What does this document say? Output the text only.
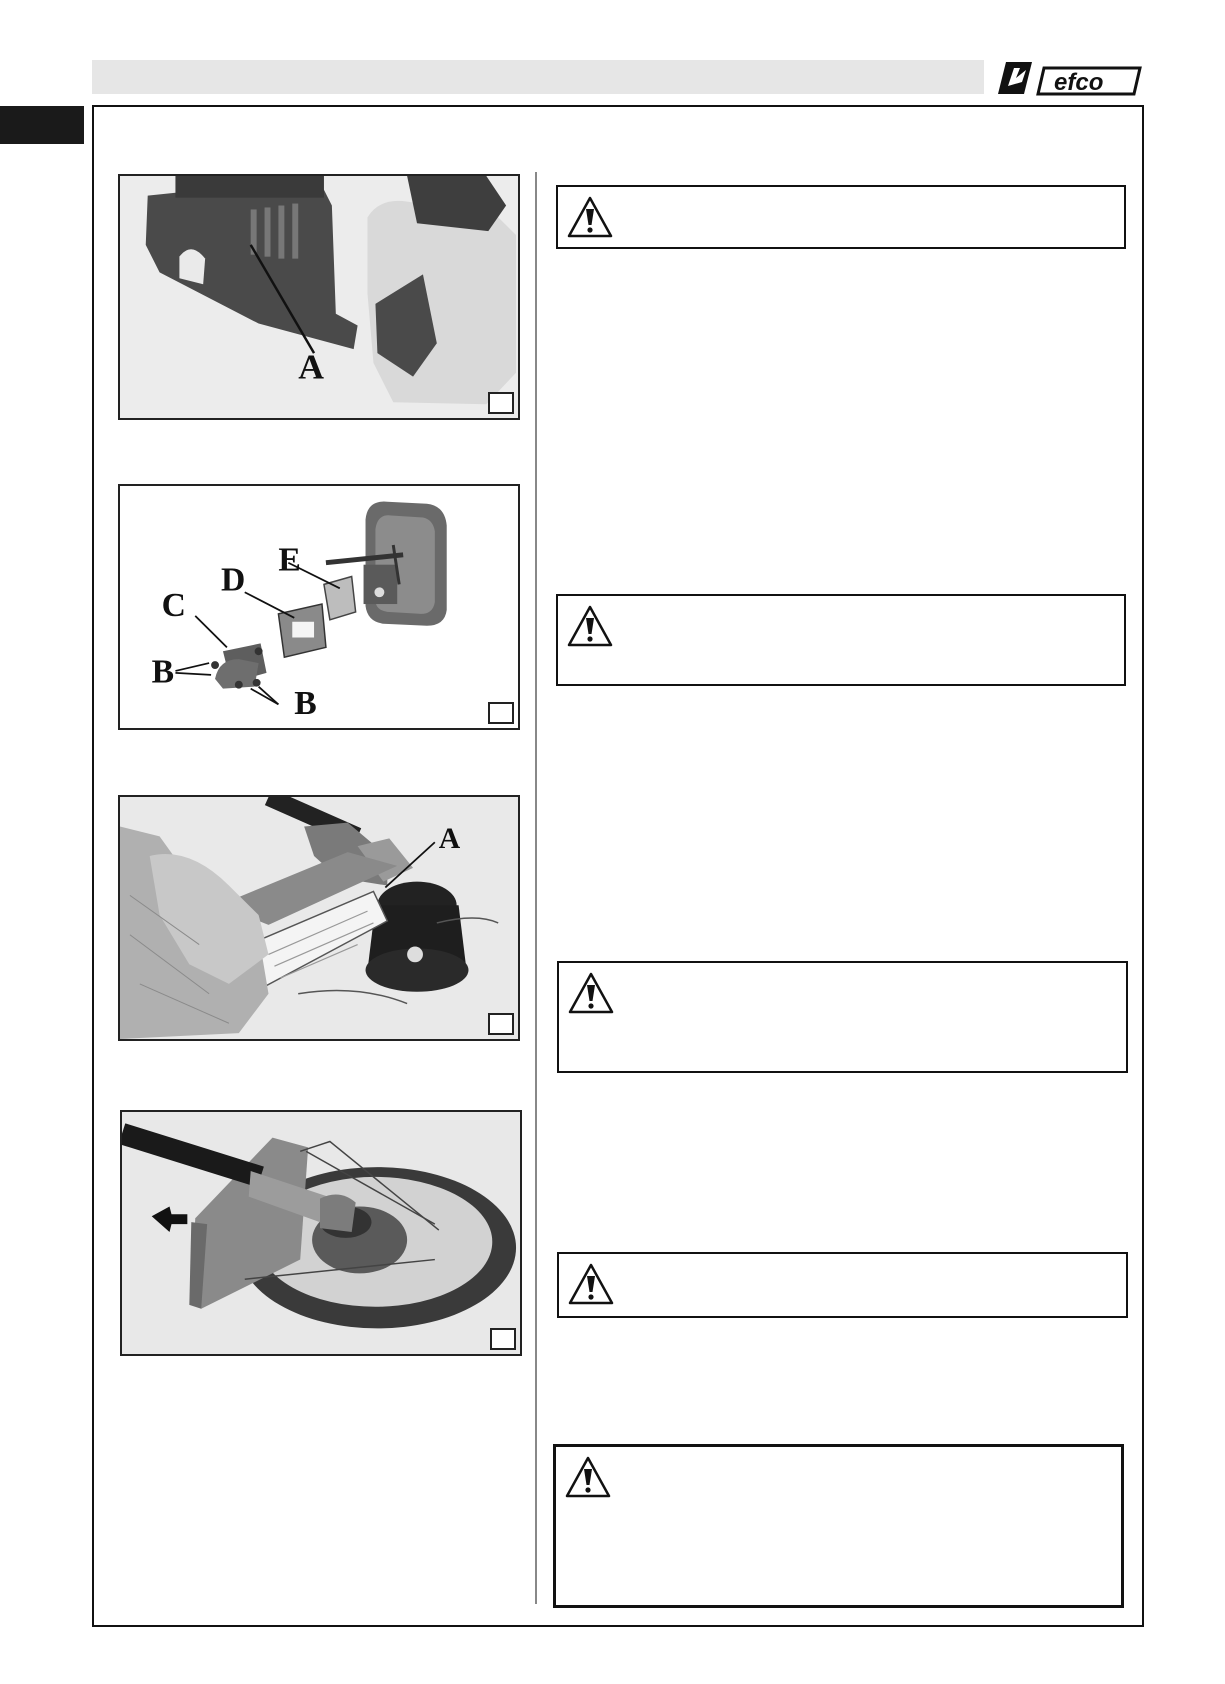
efco
A
E
D
C
B
B
A
